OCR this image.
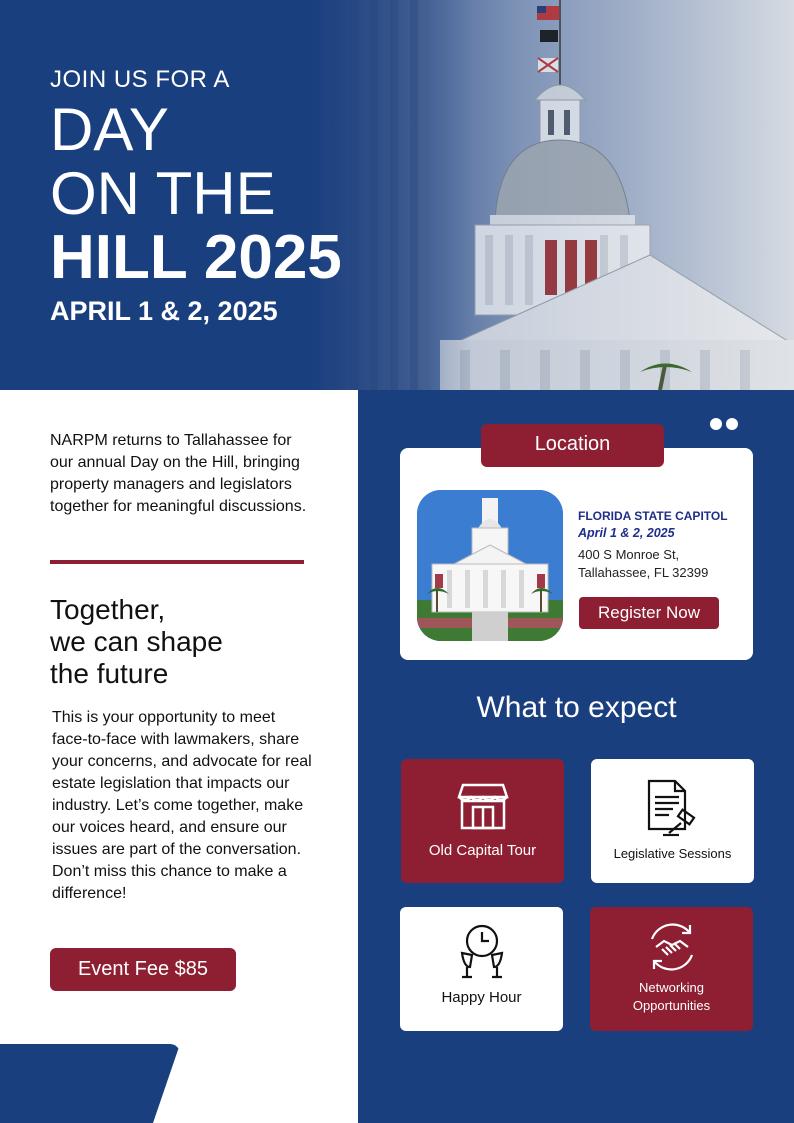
JOIN US FOR A
DAY
ON THE
HILL 2025
APRIL 1 & 2, 2025

NARPM returns to Tallahassee for our annual Day on the Hill, bringing property managers and legislators together for meaningful discussions.

Together,
we can shape
the future

This is your opportunity to meet face-to-face with lawmakers, share your concerns, and advocate for real estate legislation that impacts our industry. Let’s come together, make our voices heard, and ensure our issues are part of the conversation. Don’t miss this chance to make a difference!

Event Fee $85
Location
FLORIDA STATE CAPITOL
April 1 & 2, 2025
400 S Monroe St,
Tallahassee, FL 32399
Register Now
What to expect
Old Capital Tour	Legislative Sessions
Happy Hour
Networking
Opportunities
